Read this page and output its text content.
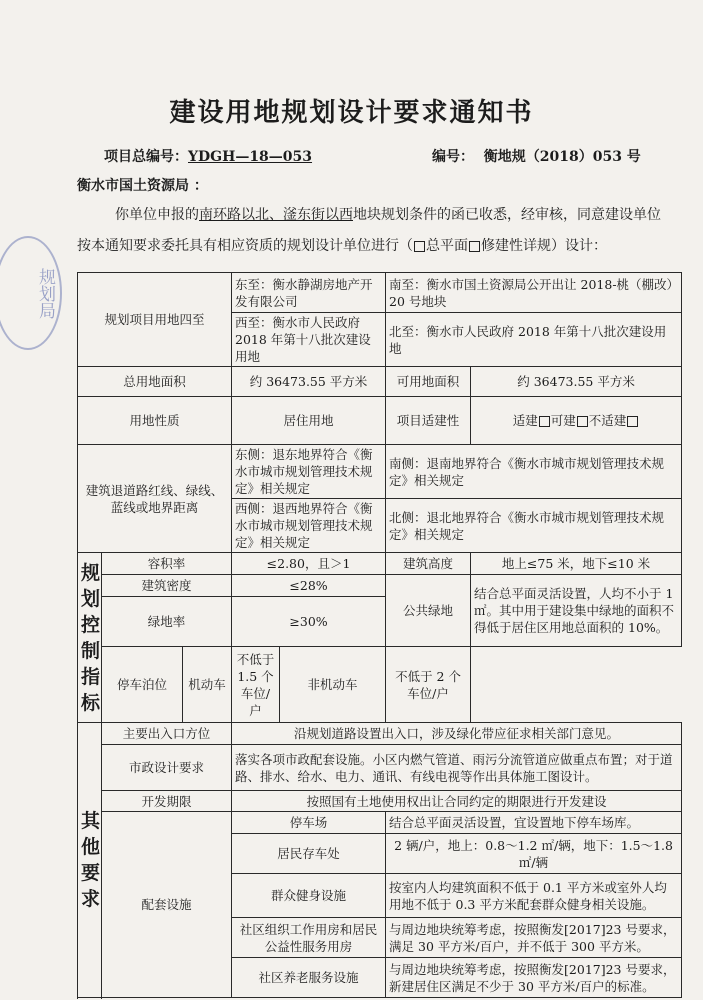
规划局
建设用地规划设计要求通知书
项目总编号：YDGH—18—053	编号： 衡地规（2018）053 号
衡水市国土资源局 ：
你单位申报的南环路以北、滏东街以西地块规划条件的函已收悉，经审核，同意建设单位按本通知要求委托具有相应资质的规划设计单位进行（ 总平面 修建性详规）设计：
规划项目用地四至			东至：衡水静湖房地产开发有限公司		南至：衡水市国土资源局公开出让 2018-桃（棚改）20 号地块	
			西至：衡水市人民政府 2018 年第十八批次建设用地		北至：衡水市人民政府 2018 年第十八批次建设用地	
总用地面积			约 36473.55 平方米		可用地面积	约 36473.55 平方米
用地性质			居住用地		项目适建性	适建 可建 不适建
建筑退道路红线、绿线、蓝线或地界距离			东侧：退东地界符合《衡水市城市规划管理技术规定》相关规定		南侧：退南地界符合《衡水市城市规划管理技术规定》相关规定	
			西侧：退西地界符合《衡水市城市规划管理技术规定》相关规定		北侧：退北地界符合《衡水市城市规划管理技术规定》相关规定	
规划控制指标	容积率		≤2.80，且＞1		建筑高度	地上≤75 米，地下≤10 米
	建筑密度		≤28%		公共绿地	结合总平面灵活设置，人均不小于 1 ㎡。其中用于建设集中绿地的面积不得低于居住区用地总面积的 10%。
	绿地率		≥30%			
	停车泊位	机动车	不低于 1.5 个车位/户	非机动车	不低于 2 个车位/户	

其他要求	主要出入口方位		沿规划道路设置出入口，涉及绿化带应征求相关部门意见。			
	市政设计要求		落实各项市政配套设施。小区内燃气管道、雨污分流管道应做重点布置；对于道路、排水、给水、电力、通讯、有线电视等作出具体施工图设计。			
	开发期限		按照国有土地使用权出让合同约定的期限进行开发建设			
	配套设施		停车场		结合总平面灵活设置，宜设置地下停车场库。	
			居民存车处		2 辆/户，地上：0.8～1.2 ㎡/辆，地下：1.5～1.8 ㎡/辆	
			群众健身设施		按室内人均建筑面积不低于 0.1 平方米或室外人均用地不低于 0.3 平方米配套群众健身相关设施。	
			社区组织工作用房和居民公益性服务用房		与周边地块统筹考虑，按照衡发[2017]23 号要求，满足 30 平方米/百户，并不低于 300 平方米。	
			社区养老服务设施		与周边地块统筹考虑，按照衡发[2017]23 号要求，新建居住区满足不少于 30 平方米/百户的标准。	
